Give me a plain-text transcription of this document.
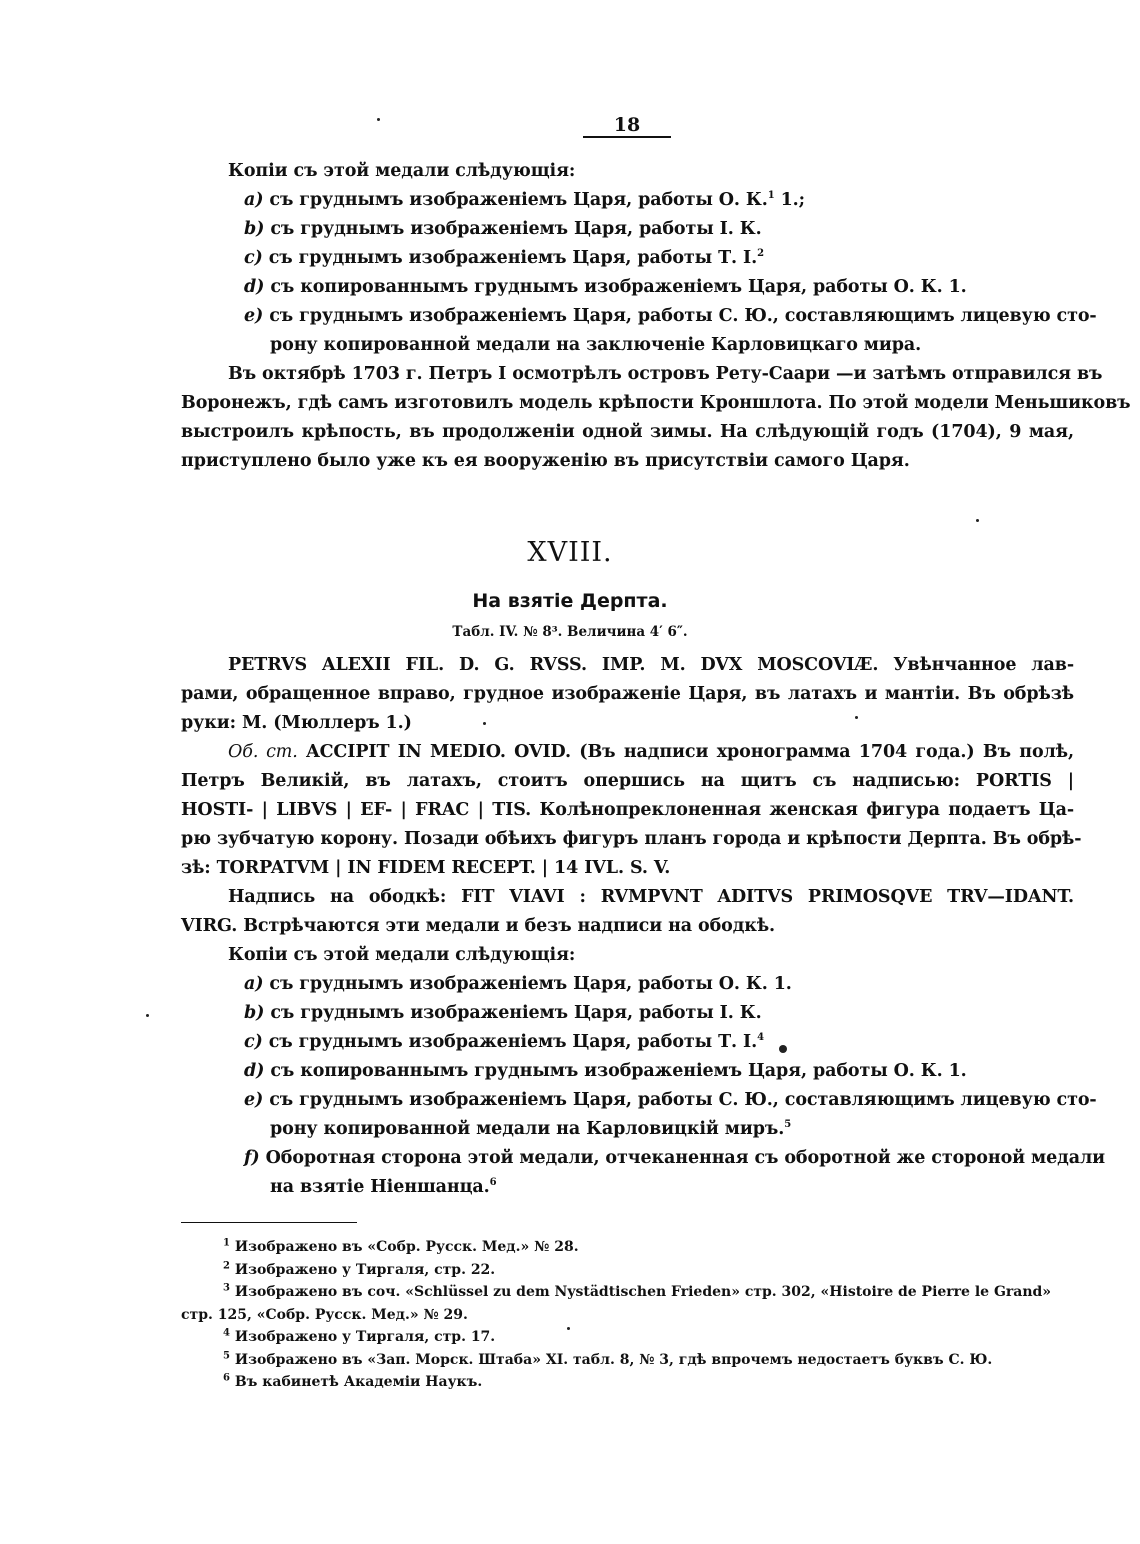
18
Копіи съ этой медали слѣдующія:
a) съ груднымъ изображеніемъ Царя, работы О. К.$^1$ 1.;
b) съ груднымъ изображеніемъ Царя, работы І. К.
c) съ груднымъ изображеніемъ Царя, работы Т. І.$^2$
d) съ копированнымъ груднымъ изображеніемъ Царя, работы О. К. 1.
e) съ груднымъ изображеніемъ Царя, работы С. Ю., составляющимъ лицевую сто-
рону копированной медали на заключеніе Карловицкаго мира.
Въ октябрѣ 1703 г. Петръ I осмотрѣлъ островъ Рету-Саари —и затѣмъ отправился въ
Воронежъ, гдѣ самъ изготовилъ модель крѣпости Кроншлота. По этой модели Меньшиковъ
выстроилъ крѣпость, въ продолженіи одной зимы. На слѣдующій годъ (1704), 9 мая,
приступлено было уже къ ея вооруженію въ присутствіи самого Царя.
XVIII.
На взятіе Дерпта.
Табл. IV. № 8³. Величина 4′ 6″.
PETRVS ALEXII FIL. D. G. RVSS. IMP. M. DVX MOSCOVIÆ. Увѣнчанное лав-
рами, обращенное вправо, грудное изображеніе Царя, въ латахъ и мантіи. Въ обрѣзѣ
руки: М. (Мюллеръ 1.)
Об. ст. ACCIPIT IN MEDIO. OVID. (Въ надписи хронограмма 1704 года.) Въ полѣ,
Петръ Великій, въ латахъ, стоитъ опершись на щитъ съ надписью: PORTIS |
HOSTI- | LIBVS | EF- | FRAC | TIS. Колѣнопреклоненная женская фигура подаетъ Ца-
рю зубчатую корону. Позади обѣихъ фигуръ планъ города и крѣпости Дерпта. Въ обрѣ-
зѣ: TORPATVM | IN FIDEM RECEPT. | 14 IVL. S. V.
Надпись на ободкѣ: FIT VIAVI : RVMPVNT ADITVS PRIMOSQVE TRV—IDANT.
VIRG. Встрѣчаются эти медали и безъ надписи на ободкѣ.
Копіи съ этой медали слѣдующія:
a) съ груднымъ изображеніемъ Царя, работы О. К. 1.
b) съ груднымъ изображеніемъ Царя, работы І. К.
c) съ груднымъ изображеніемъ Царя, работы Т. І.$^4$
d) съ копированнымъ груднымъ изображеніемъ Царя, работы О. К. 1.
e) съ груднымъ изображеніемъ Царя, работы С. Ю., составляющимъ лицевую сто-
рону копированной медали на Карловицкій миръ.$^5$
f) Оборотная сторона этой медали, отчеканенная съ оборотной же стороной медали
на взятіе Ніеншанца.$^6$
$^1$ Изображено въ «Собр. Русск. Мед.» № 28.
$^2$ Изображено у Тиргаля, стр. 22.
$^3$ Изображено въ соч. «Schlüssel zu dem Nystädtischen Frieden» стр. 302, «Histoire de Pierre le Grand»
стр. 125, «Собр. Русск. Мед.» № 29.
$^4$ Изображено у Тиргаля, стр. 17.
$^5$ Изображено въ «Зап. Морск. Штаба» XI. табл. 8, № 3, гдѣ впрочемъ недостаетъ буквъ С. Ю.
$^6$ Въ кабинетѣ Академіи Наукъ.
